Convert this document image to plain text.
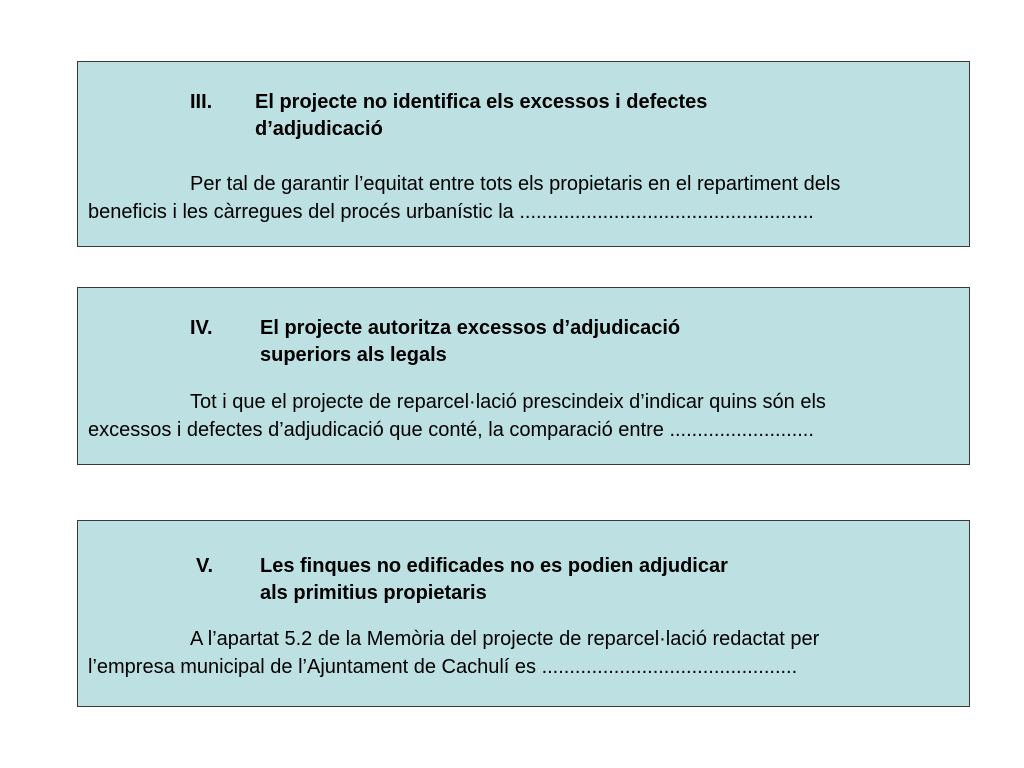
III. El projecte no identifica els excessos i defectes
d’adjudicació
Per tal de garantir l’equitat entre tots els propietaris en el repartiment dels
beneficis i les càrregues del procés urbanístic la .....................................................
IV. El projecte autoritza excessos d’adjudicació
superiors als legals
Tot i que el projecte de reparcel·lació prescindeix d’indicar quins són els
excessos i defectes d’adjudicació que conté, la comparació entre ..........................
V. Les finques no edificades no es podien adjudicar
als primitius propietaris
A l’apartat 5.2 de la Memòria del projecte de reparcel·lació redactat per
l’empresa municipal de l’Ajuntament de Cachulí es ..............................................
